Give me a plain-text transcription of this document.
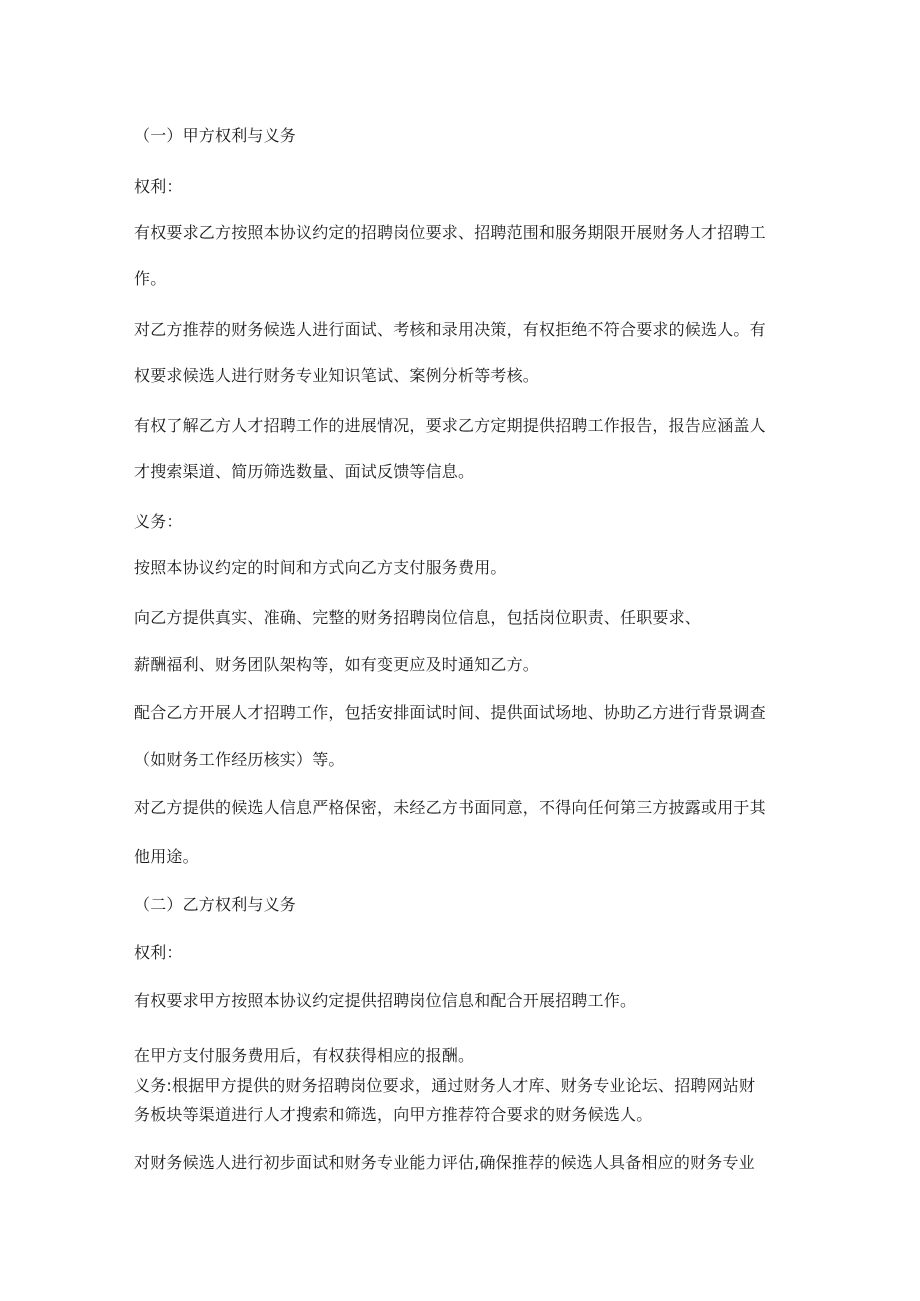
（一）甲方权利与义务

权利：

有权要求乙方按照本协议约定的招聘岗位要求、招聘范围和服务期限开展财务人才招聘工

作。

对乙方推荐的财务候选人进行面试、考核和录用决策，有权拒绝不符合要求的候选人。有

权要求候选人进行财务专业知识笔试、案例分析等考核。

有权了解乙方人才招聘工作的进展情况，要求乙方定期提供招聘工作报告，报告应涵盖人

才搜索渠道、简历筛选数量、面试反馈等信息。

义务：

按照本协议约定的时间和方式向乙方支付服务费用。

向乙方提供真实、准确、完整的财务招聘岗位信息，包括岗位职责、任职要求、

薪酬福利、财务团队架构等，如有变更应及时通知乙方。

配合乙方开展人才招聘工作，包括安排面试时间、提供面试场地、协助乙方进行背景调查

（如财务工作经历核实）等。

对乙方提供的候选人信息严格保密，未经乙方书面同意，不得向任何第三方披露或用于其

他用途。

（二）乙方权利与义务

权利：

有权要求甲方按照本协议约定提供招聘岗位信息和配合开展招聘工作。

在甲方支付服务费用后，有权获得相应的报酬。

义务:根据甲方提供的财务招聘岗位要求，通过财务人才库、财务专业论坛、招聘网站财

务板块等渠道进行人才搜索和筛选，向甲方推荐符合要求的财务候选人。

对财务候选人进行初步面试和财务专业能力评估,确保推荐的候选人具备相应的财务专业
